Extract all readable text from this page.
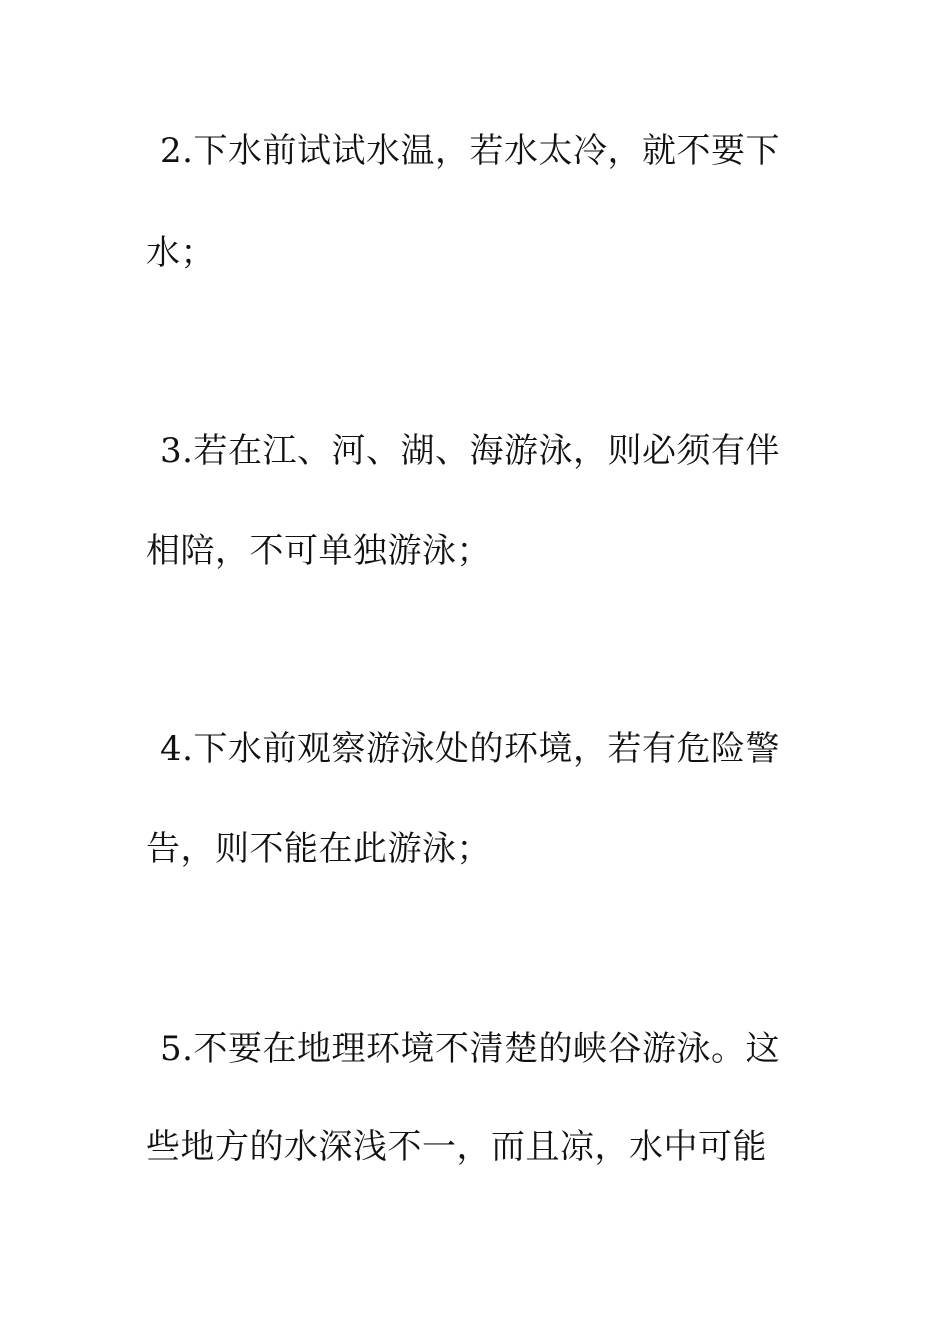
2.下水前试试水温，若水太冷，就不要下
水；
3.若在江、河、湖、海游泳，则必须有伴
相陪，不可单独游泳；
4.下水前观察游泳处的环境，若有危险警
告，则不能在此游泳；
5.不要在地理环境不清楚的峡谷游泳。这
些地方的水深浅不一，而且凉，水中可能
